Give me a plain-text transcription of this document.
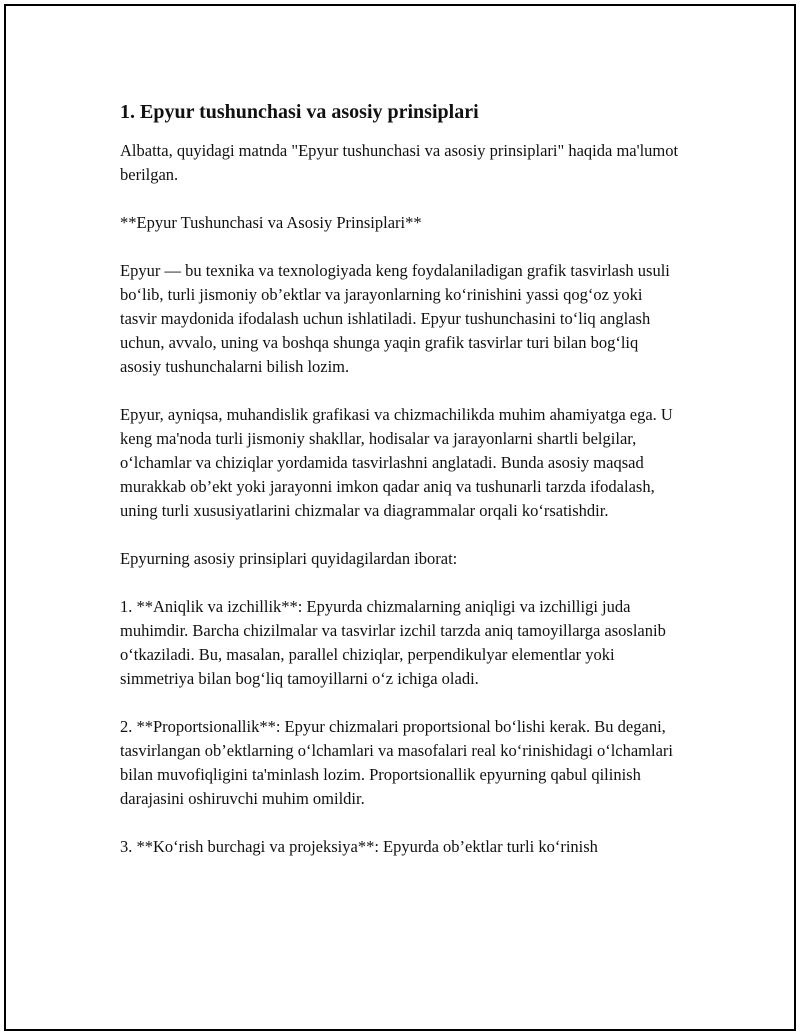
1. Epyur tushunchasi va asosiy prinsiplari

Albatta, quyidagi matnda "Epyur tushunchasi va asosiy prinsiplari" haqida ma'lumot berilgan.

**Epyur Tushunchasi va Asosiy Prinsiplari**

Epyur — bu texnika va texnologiyada keng foydalaniladigan grafik tasvirlash usuli bo‘lib, turli jismoniy ob’ektlar va jarayonlarning ko‘rinishini yassi qog‘oz yoki tasvir maydonida ifodalash uchun ishlatiladi. Epyur tushunchasini to‘liq anglash uchun, avvalo, uning va boshqa shunga yaqin grafik tasvirlar turi bilan bog‘liq asosiy tushunchalarni bilish lozim.

Epyur, ayniqsa, muhandislik grafikasi va chizmachilikda muhim ahamiyatga ega. U keng ma'noda turli jismoniy shakllar, hodisalar va jarayonlarni shartli belgilar, o‘lchamlar va chiziqlar yordamida tasvirlashni anglatadi. Bunda asosiy maqsad murakkab ob’ekt yoki jarayonni imkon qadar aniq va tushunarli tarzda ifodalash, uning turli xususiyatlarini chizmalar va diagrammalar orqali ko‘rsatishdir.

Epyurning asosiy prinsiplari quyidagilardan iborat:

1. **Aniqlik va izchillik**: Epyurda chizmalarning aniqligi va izchilligi juda muhimdir. Barcha chizilmalar va tasvirlar izchil tarzda aniq tamoyillarga asoslanib o‘tkaziladi. Bu, masalan, parallel chiziqlar, perpendikulyar elementlar yoki simmetriya bilan bog‘liq tamoyillarni o‘z ichiga oladi.

2. **Proportsionallik**: Epyur chizmalari proportsional bo‘lishi kerak. Bu degani, tasvirlangan ob’ektlarning o‘lchamlari va masofalari real ko‘rinishidagi o‘lchamlari bilan muvofiqligini ta'minlash lozim. Proportsionallik epyurning qabul qilinish darajasini oshiruvchi muhim omildir.

3. **Ko‘rish burchagi va projeksiya**: Epyurda ob’ektlar turli ko‘rinish
